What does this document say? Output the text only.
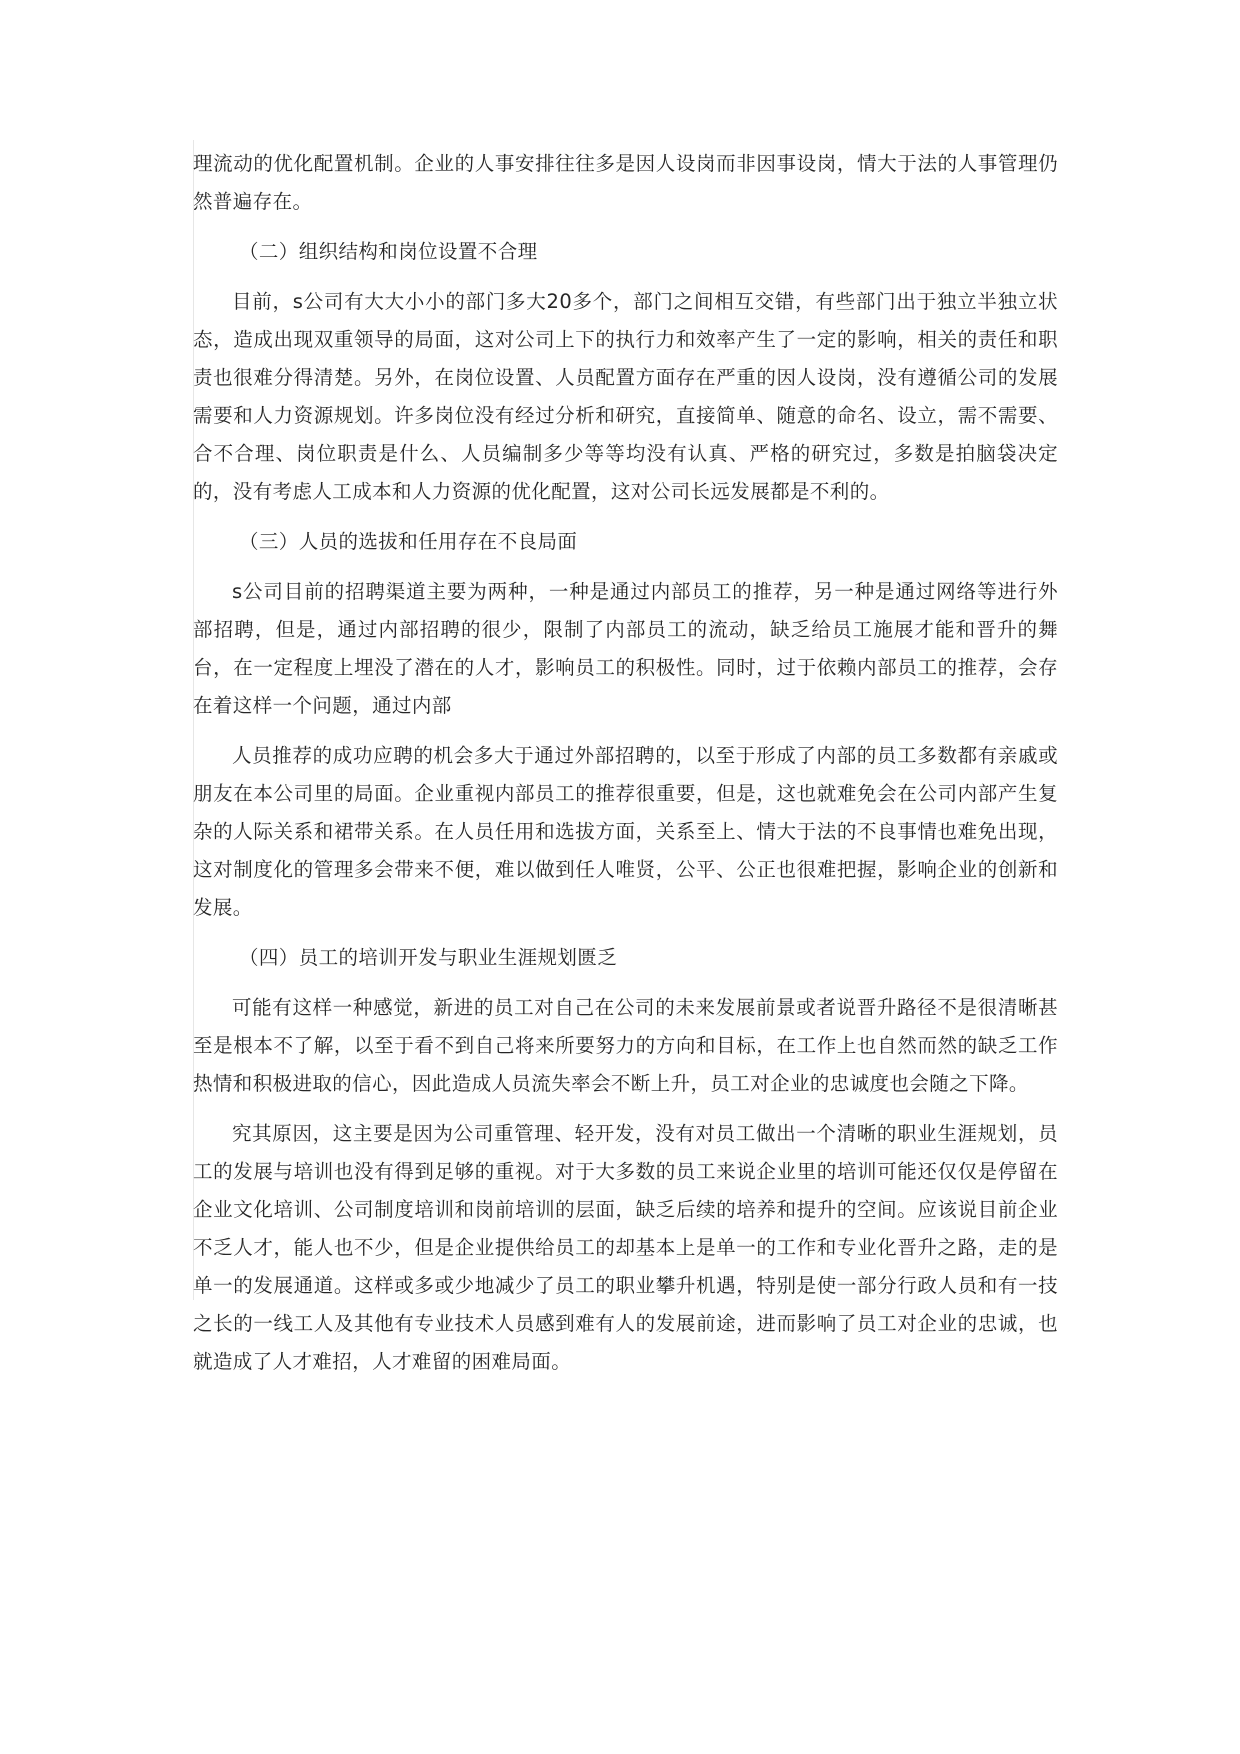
理流动的优化配置机制。企业的人事安排往往多是因人设岗而非因事设岗，情大于法的人事管理仍然普遍存在。

（二）组织结构和岗位设置不合理

目前，s公司有大大小小的部门多大20多个，部门之间相互交错，有些部门出于独立半独立状态，造成出现双重领导的局面，这对公司上下的执行力和效率产生了一定的影响，相关的责任和职责也很难分得清楚。另外，在岗位设置、人员配置方面存在严重的因人设岗，没有遵循公司的发展需要和人力资源规划。许多岗位没有经过分析和研究，直接简单、随意的命名、设立，需不需要、合不合理、岗位职责是什么、人员编制多少等等均没有认真、严格的研究过，多数是拍脑袋决定的，没有考虑人工成本和人力资源的优化配置，这对公司长远发展都是不利的。

（三）人员的选拔和任用存在不良局面

s公司目前的招聘渠道主要为两种，一种是通过内部员工的推荐，另一种是通过网络等进行外部招聘，但是，通过内部招聘的很少，限制了内部员工的流动，缺乏给员工施展才能和晋升的舞台，在一定程度上埋没了潜在的人才，影响员工的积极性。同时，过于依赖内部员工的推荐，会存在着这样一个问题，通过内部

人员推荐的成功应聘的机会多大于通过外部招聘的，以至于形成了内部的员工多数都有亲戚或朋友在本公司里的局面。企业重视内部员工的推荐很重要，但是，这也就难免会在公司内部产生复杂的人际关系和裙带关系。在人员任用和选拔方面，关系至上、情大于法的不良事情也难免出现，这对制度化的管理多会带来不便，难以做到任人唯贤，公平、公正也很难把握，影响企业的创新和发展。

（四）员工的培训开发与职业生涯规划匮乏

可能有这样一种感觉，新进的员工对自己在公司的未来发展前景或者说晋升路径不是很清晰甚至是根本不了解，以至于看不到自己将来所要努力的方向和目标，在工作上也自然而然的缺乏工作热情和积极进取的信心，因此造成人员流失率会不断上升，员工对企业的忠诚度也会随之下降。

究其原因，这主要是因为公司重管理、轻开发，没有对员工做出一个清晰的职业生涯规划，员工的发展与培训也没有得到足够的重视。对于大多数的员工来说企业里的培训可能还仅仅是停留在企业文化培训、公司制度培训和岗前培训的层面，缺乏后续的培养和提升的空间。应该说目前企业不乏人才，能人也不少，但是企业提供给员工的却基本上是单一的工作和专业化晋升之路，走的是单一的发展通道。这样或多或少地减少了员工的职业攀升机遇，特别是使一部分行政人员和有一技之长的一线工人及其他有专业技术人员感到难有人的发展前途，进而影响了员工对企业的忠诚，也就造成了人才难招，人才难留的困难局面。
